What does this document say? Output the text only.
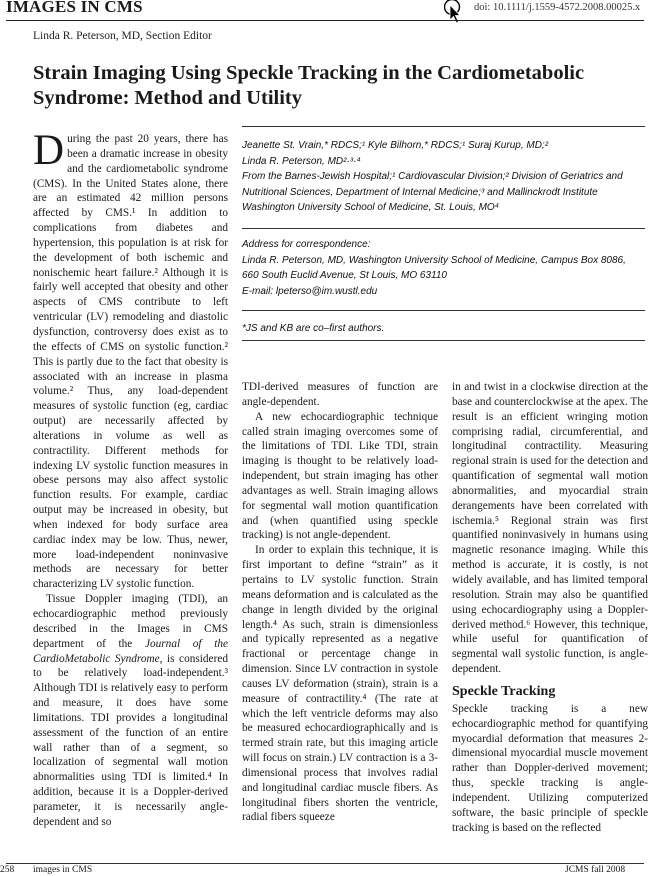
IMAGES IN CMS	doi: 10.1111/j.1559-4572.2008.00025.x
Linda R. Peterson, MD, Section Editor
Strain Imaging Using Speckle Tracking in the Cardiometabolic Syndrome: Method and Utility

Jeanette St. Vrain,* RDCS;¹ Kyle Bilhorn,* RDCS;¹ Suraj Kurup, MD;²

Linda R. Peterson, MD²·³·⁴

From the Barnes-Jewish Hospital;¹ Cardiovascular Division;² Division of Geriatrics and Nutritional Sciences, Department of Internal Medicine;³ and Mallinckrodt Institute Washington University School of Medicine, St. Louis, MO⁴

Address for correspondence:

Linda R. Peterson, MD, Washington University School of Medicine, Campus Box 8086, 660 South Euclid Avenue, St Louis, MO 63110

E-mail: lpeterso@im.wustl.edu

*JS and KB are co–first authors.

During the past 20 years, there has been a dramatic increase in obesity and the cardiometabolic syndrome (CMS). In the United States alone, there are an estimated 42 million persons affected by CMS.¹ In addition to complications from diabetes and hypertension, this population is at risk for the development of both ischemic and nonischemic heart failure.² Although it is fairly well accepted that obesity and other aspects of CMS contribute to left ventricular (LV) remodeling and diastolic dysfunction, controversy does exist as to the effects of CMS on systolic function.² This is partly due to the fact that obesity is associated with an increase in plasma volume.² Thus, any load-dependent measures of systolic function (eg, cardiac output) are necessarily affected by alterations in volume as well as contractility. Different methods for indexing LV systolic function measures in obese persons may also affect systolic function results. For example, cardiac output may be increased in obesity, but when indexed for body surface area cardiac index may be low. Thus, newer, more load-independent noninvasive methods are necessary for better characterizing LV systolic function.

Tissue Doppler imaging (TDI), an echocardiographic method previously described in the Images in CMS department of the Journal of the CardioMetabolic Syndrome, is considered to be relatively load-independent.³ Although TDI is relatively easy to perform and measure, it does have some limitations. TDI provides a longitudinal assessment of the function of an entire wall rather than of a segment, so localization of segmental wall motion abnormalities using TDI is limited.⁴ In addition, because it is a Doppler-derived parameter, it is necessarily angle-dependent and so

TDI-derived measures of function are angle-dependent.

A new echocardiographic technique called strain imaging overcomes some of the limitations of TDI. Like TDI, strain imaging is thought to be relatively load-independent, but strain imaging has other advantages as well. Strain imaging allows for segmental wall motion quantification and (when quantified using speckle tracking) is not angle-dependent.

In order to explain this technique, it is first important to define “strain” as it pertains to LV systolic function. Strain means deformation and is calculated as the change in length divided by the original length.⁴ As such, strain is dimensionless and typically represented as a negative fractional or percentage change in dimension. Since LV contraction in systole causes LV deformation (strain), strain is a measure of contractility.⁴ (The rate at which the left ventricle deforms may also be measured echocardiographically and is termed strain rate, but this imaging article will focus on strain.) LV contraction is a 3-dimensional process that involves radial and longitudinal cardiac muscle fibers. As longitudinal fibers shorten the ventricle, radial fibers squeeze

in and twist in a clockwise direction at the base and counterclockwise at the apex. The result is an efficient wringing motion comprising radial, circumferential, and longitudinal contractility. Measuring regional strain is used for the detection and quantification of segmental wall motion abnormalities, and myocardial strain derangements have been correlated with ischemia.⁵ Regional strain was first quantified noninvasively in humans using magnetic resonance imaging. While this method is accurate, it is costly, is not widely available, and has limited temporal resolution. Strain may also be quantified using echocardiography using a Doppler-derived method.⁶ However, this technique, while useful for quantification of segmental wall systolic function, is angle-dependent.

Speckle Tracking

Speckle tracking is a new echocardiographic method for quantifying myocardial deformation that measures 2-dimensional myocardial muscle movement rather than Doppler-derived movement; thus, speckle tracking is angle-independent. Utilizing computerized software, the basic principle of speckle tracking is based on the reflected

258 images in CMS	JCMS fall 2008
